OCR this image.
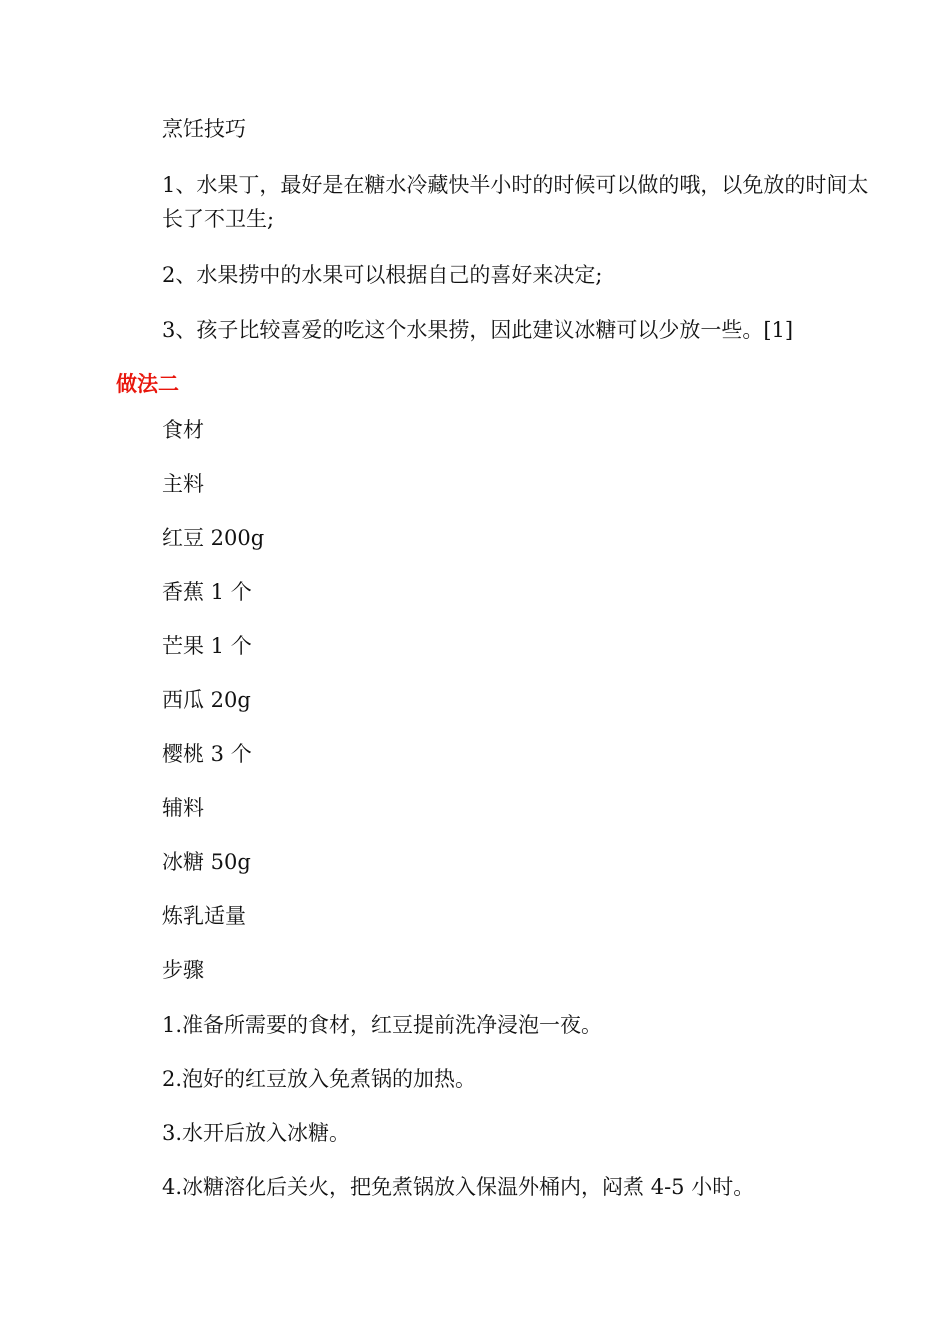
烹饪技巧
1、水果丁，最好是在糖水冷藏快半小时的时候可以做的哦，以免放的时间太长了不卫生;
2、水果捞中的水果可以根据自己的喜好来决定;
3、孩子比较喜爱的吃这个水果捞，因此建议冰糖可以少放一些。[1]
做法二
食材
主料
红豆 200g
香蕉 1 个
芒果 1 个
西瓜 20g
樱桃 3 个
辅料
冰糖 50g
炼乳适量
步骤
1.准备所需要的食材，红豆提前洗净浸泡一夜。
2.泡好的红豆放入免煮锅的加热。
3.水开后放入冰糖。
4.冰糖溶化后关火，把免煮锅放入保温外桶内，闷煮 4-5 小时。
